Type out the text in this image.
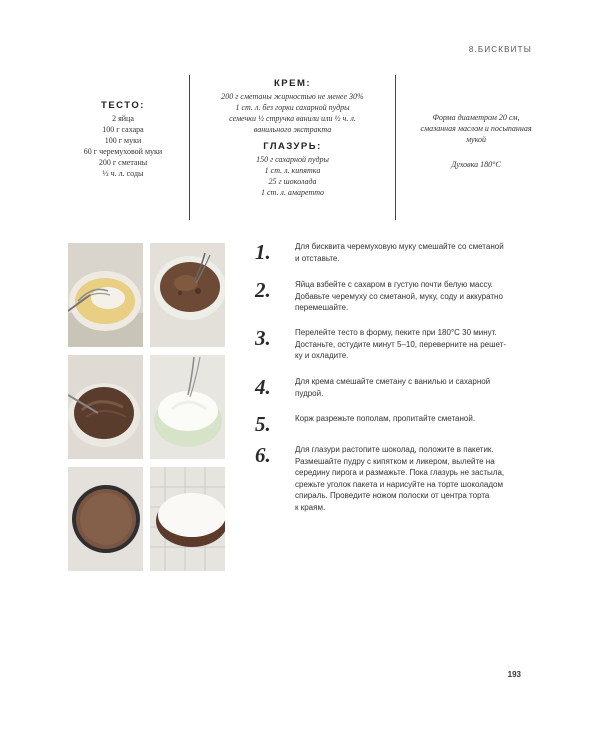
8.БИСКВИТЫ
ТЕСТО:
2 яйца
100 г сахара
100 г муки
60 г черемуховой муки
200 г сметаны
½ ч. л. соды
КРЕМ:
200 г сметаны жирностью не менее 30%
1 ст. л. без горки сахарной пудры
семечки ½ стручка ванили или ½ ч. л.
ванильного экстракта
ГЛАЗУРЬ:
150 г сахарной пудры
1 ст. л. кипятка
25 г шоколада
1 ст. л. амаретто
Форма диаметром 20 см,
смазанная маслом и посыпанная
мукой
Духовка 180°С
1.	Для бисквита черемуховую муку смешайте со сметаной
и отставьте.
2.	Яйца взбейте с сахаром в густую почти белую массу.
Добавьте черемуху со сметаной, муку, соду и аккуратно
перемешайте.
3.	Перелейте тесто в форму, пеките при 180°С 30 минут.
Достаньте, остудите минут 5–10, переверните на решет-
ку и охладите.
4.	Для крема смешайте сметану с ванилью и сахарной
пудрой.
5.	Корж разрежьте пополам, пропитайте сметаной.
6.	Для глазури растопите шоколад, положите в пакетик.
Размешайте пудру с кипятком и ликером, вылейте на
середину пирога и размажьте. Пока глазурь не застыла,
срежьте уголок пакета и нарисуйте на торте шоколадом
спираль. Проведите ножом полоски от центра торта
к краям.
193
